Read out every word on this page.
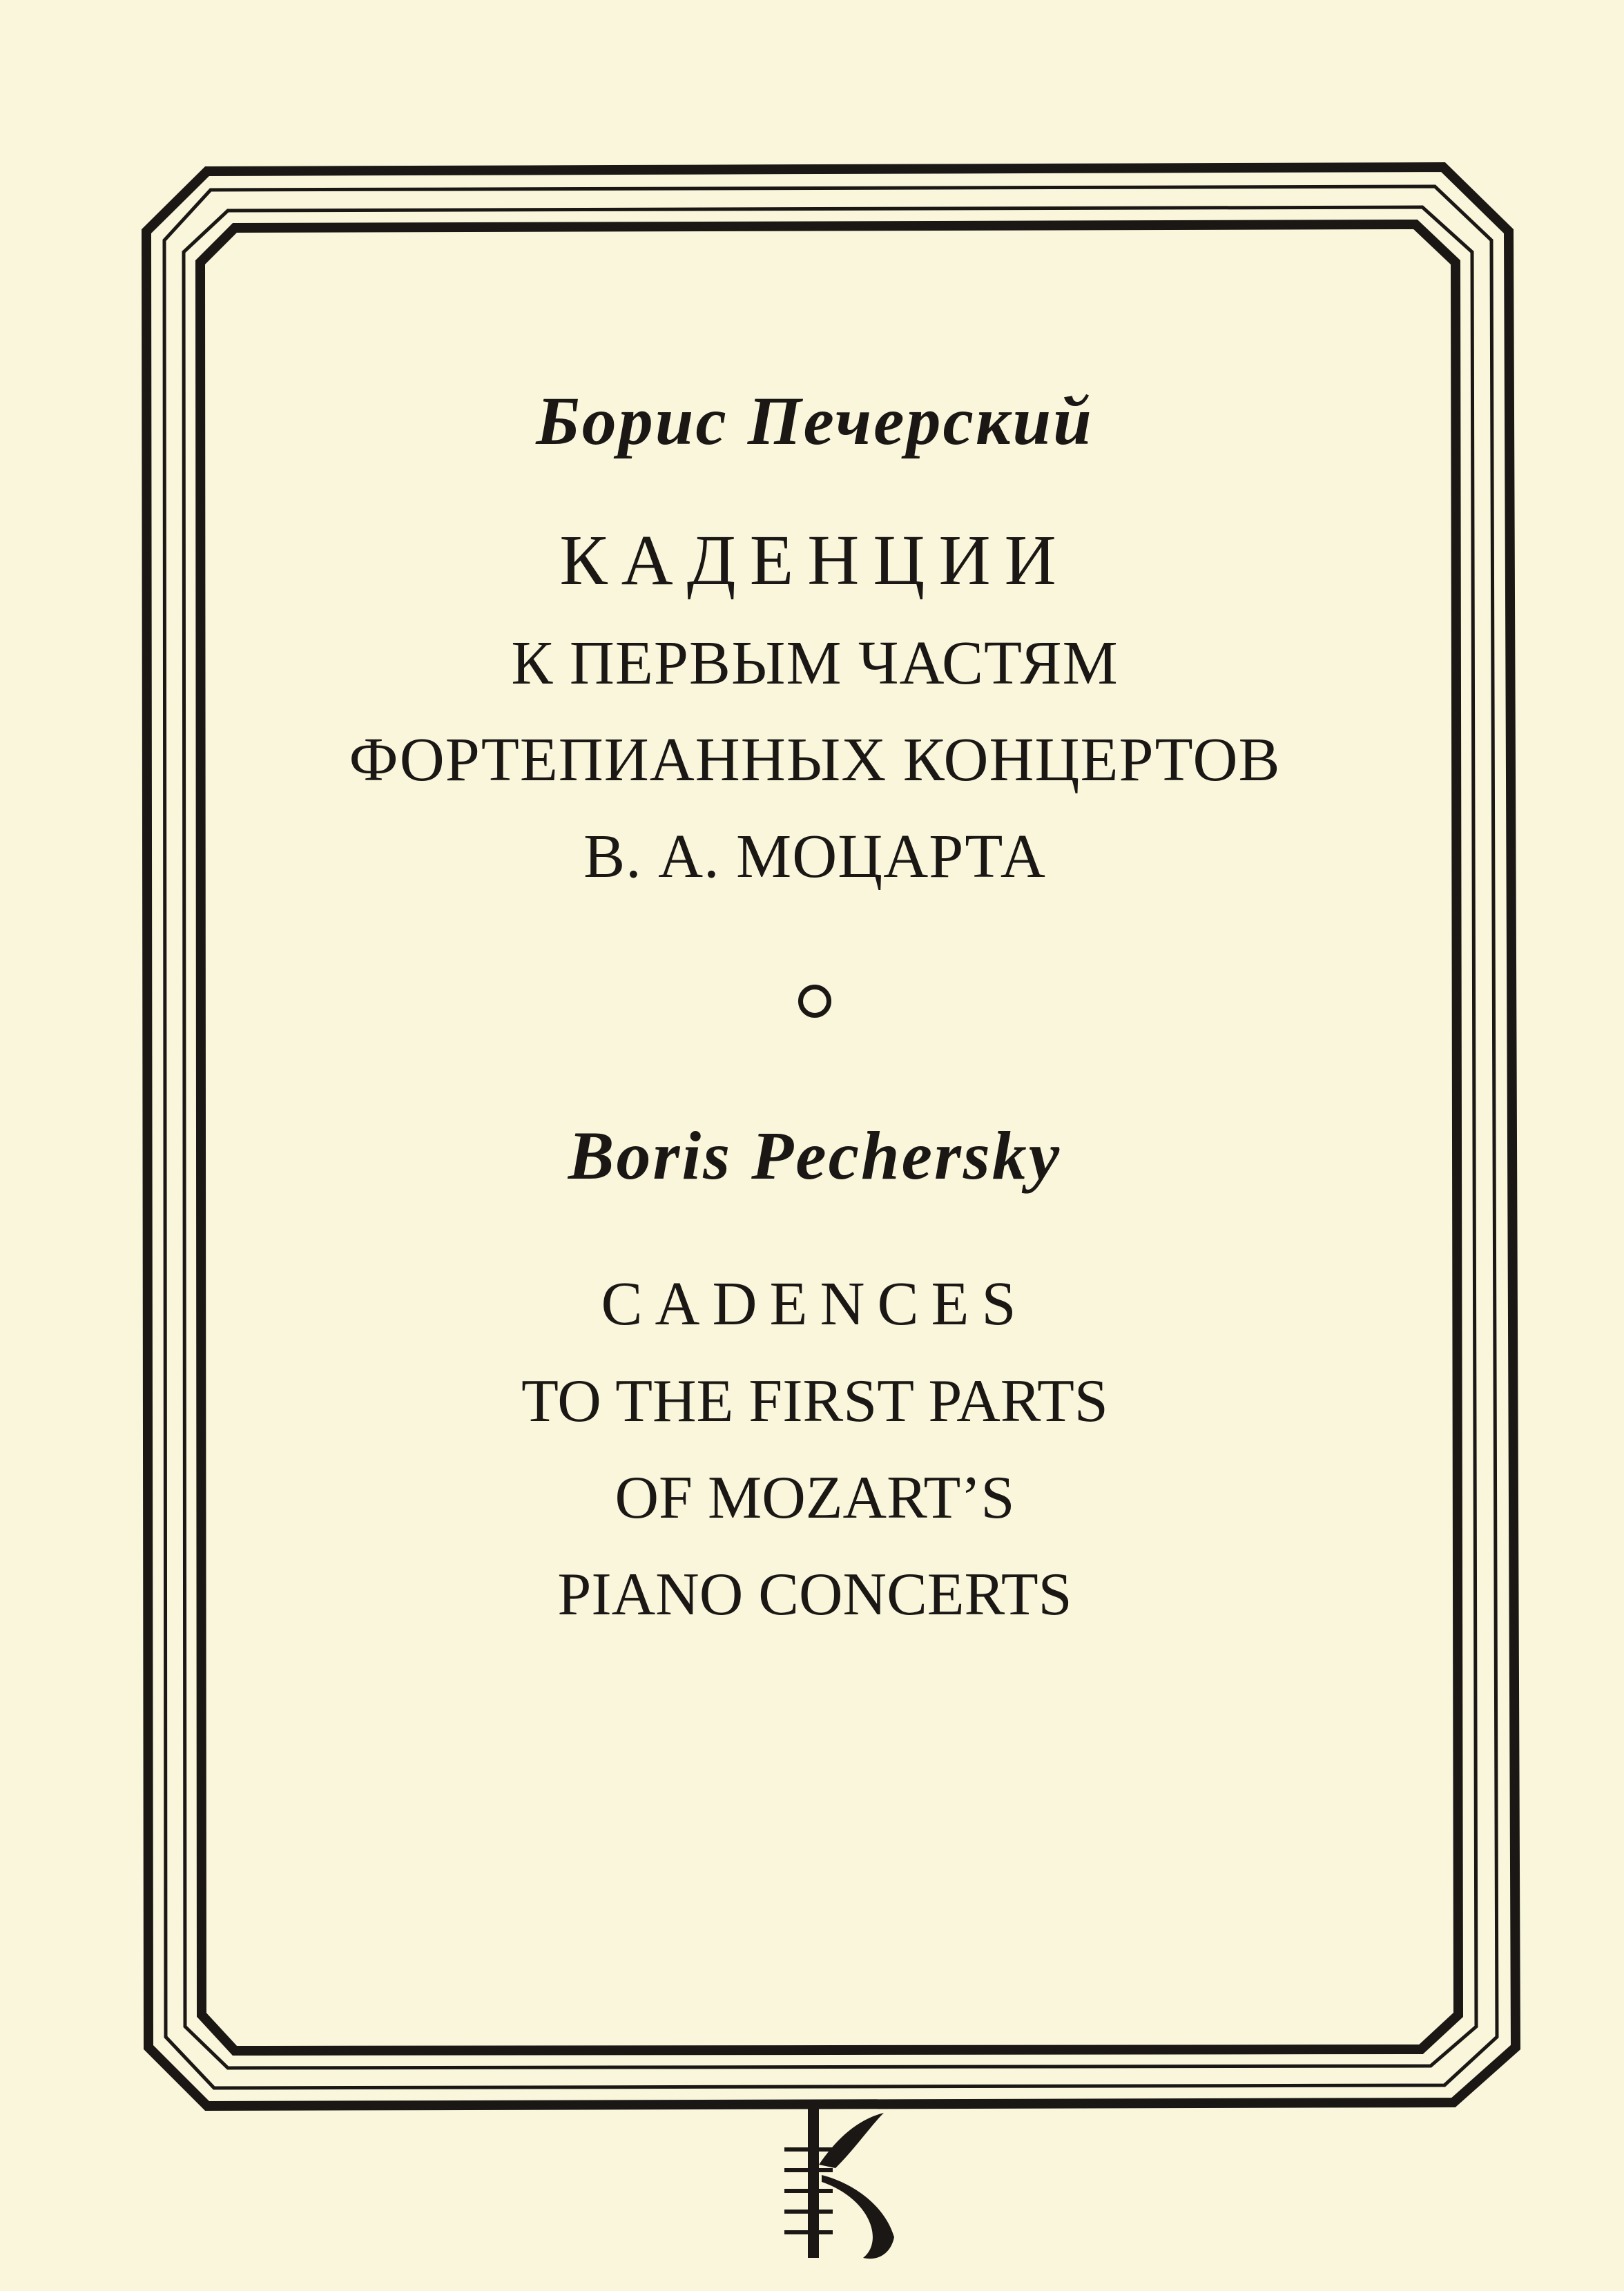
Борис Печерский
КАДЕНЦИИ
К ПЕРВЫМ ЧАСТЯМ
ФОРТЕПИАННЫХ КОНЦЕРТОВ
В. А. МОЦАРТА
Boris Pechersky
CADENCES
TO THE FIRST PARTS
OF MOZART’S
PIANO CONCERTS
